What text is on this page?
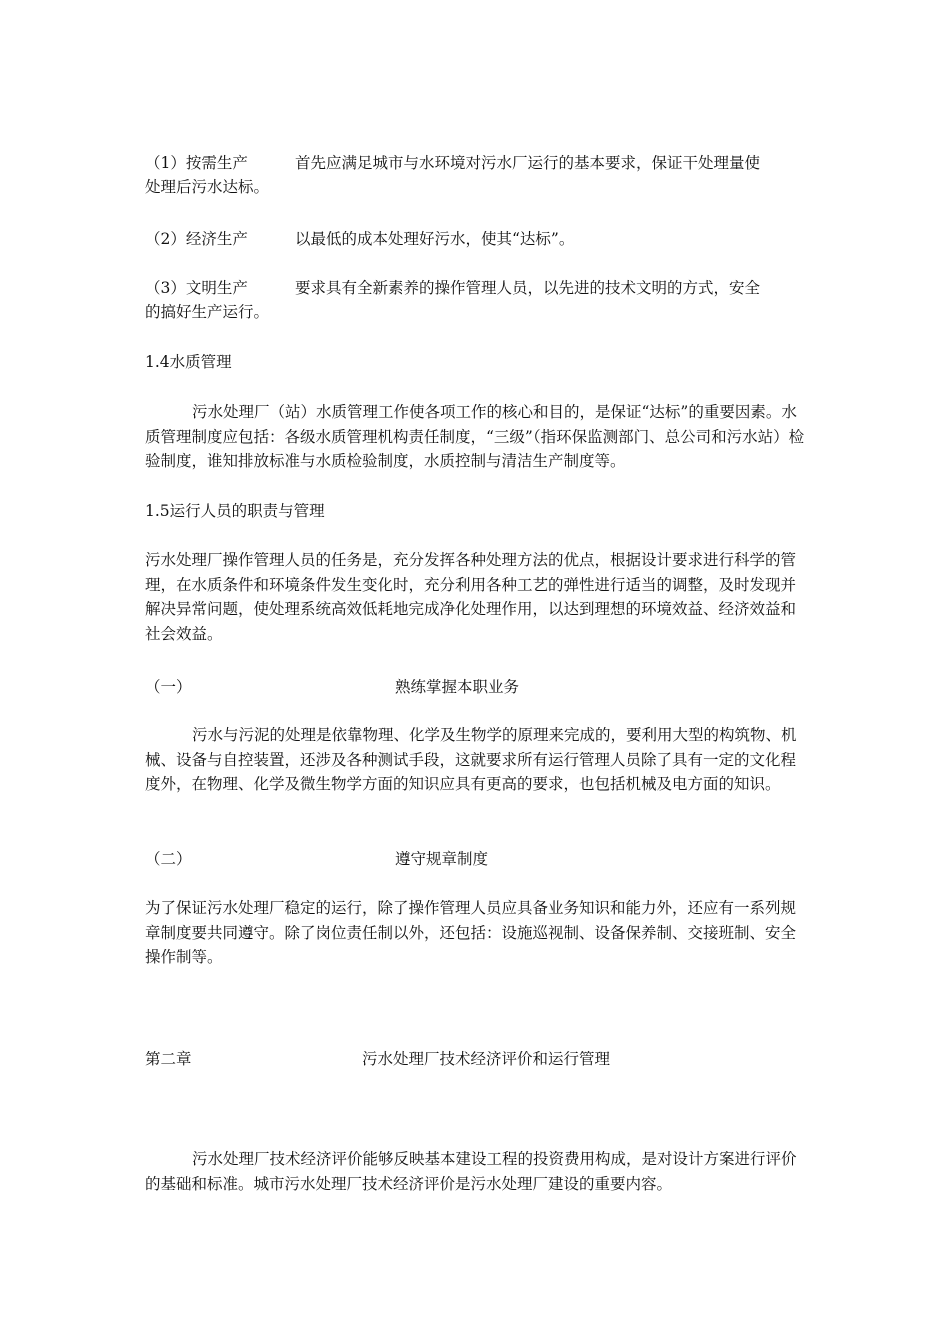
（1）按需生产	首先应满足城市与水环境对污水厂运行的基本要求，保证干处理量使
处理后污水达标。
（2）经济生产	以最低的成本处理好污水，使其“达标”。
（3）文明生产	要求具有全新素养的操作管理人员，以先进的技术文明的方式，安全
的搞好生产运行。
1.4水质管理

污水处理厂（站）水质管理工作使各项工作的核心和目的，是保证“达标”的重要因素。水质管理制度应包括：各级水质管理机构责任制度，“三级”（指环保监测部门、总公司和污水站）检验制度，谁知排放标准与水质检验制度，水质控制与清洁生产制度等。

1.5运行人员的职责与管理

污水处理厂操作管理人员的任务是，充分发挥各种处理方法的优点，根据设计要求进行科学的管理，在水质条件和环境条件发生变化时，充分利用各种工艺的弹性进行适当的调整，及时发现并解决异常问题，使处理系统高效低耗地完成净化处理作用，以达到理想的环境效益、经济效益和社会效益。

（一）	熟练掌握本职业务

污水与污泥的处理是依靠物理、化学及生物学的原理来完成的，要利用大型的构筑物、机械、设备与自控装置，还涉及各种测试手段，这就要求所有运行管理人员除了具有一定的文化程度外，在物理、化学及微生物学方面的知识应具有更高的要求，也包括机械及电方面的知识。

（二）	遵守规章制度

为了保证污水处理厂稳定的运行，除了操作管理人员应具备业务知识和能力外，还应有一系列规章制度要共同遵守。除了岗位责任制以外，还包括：设施巡视制、设备保养制、交接班制、安全操作制等。

第二章	污水处理厂技术经济评价和运行管理

污水处理厂技术经济评价能够反映基本建设工程的投资费用构成，是对设计方案进行评价的基础和标准。城市污水处理厂技术经济评价是污水处理厂建设的重要内容。
